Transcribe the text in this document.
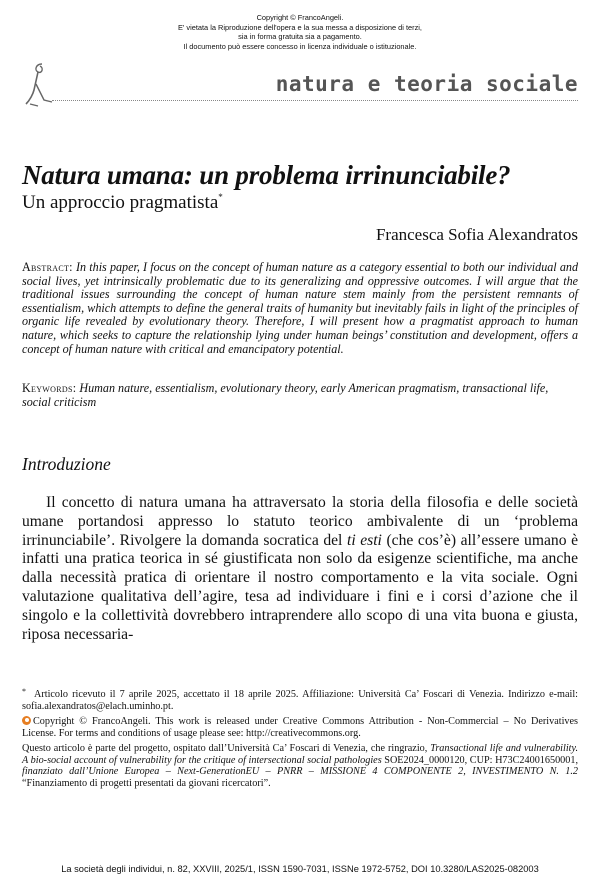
Copyright © FrancoAngeli.
E' vietata la Riproduzione dell'opera e la sua messa a disposizione di terzi,
sia in forma gratuita sia a pagamento.
Il documento può essere concesso in licenza individuale o istituzionale.
natura e teoria sociale
Natura umana: un problema irrinunciabile?
Un approccio pragmatista*
Francesca Sofia Alexandratos
Abstract: In this paper, I focus on the concept of human nature as a category essential to both our individual and social lives, yet intrinsically problematic due to its generalizing and oppressive outcomes. I will argue that the traditional issues surrounding the concept of human nature stem mainly from the persistent remnants of essentialism, which attempts to define the general traits of humanity but inevitably fails in light of the principles of organic life revealed by evolutionary theory. Therefore, I will present how a pragmatist approach to human nature, which seeks to capture the relationship lying under human beings’ constitution and development, offers a concept of human nature with critical and emancipatory potential.
Keywords: Human nature, essentialism, evolutionary theory, early American pragmatism, transactional life, social criticism
Introduzione

Il concetto di natura umana ha attraversato la storia della filosofia e delle società umane portandosi appresso lo statuto teorico ambivalente di un ‘problema irrinunciabile’. Rivolgere la domanda socratica del ti esti (che cos’è) all’essere umano è infatti una pratica teorica in sé giustificata non solo da esigenze scientifiche, ma anche dalla necessità pratica di orientare il nostro comportamento e la vita sociale. Ogni valutazione qualitativa dell’agire, tesa ad individuare i fini e i corsi d’azione che il singolo e la collettività dovrebbero intraprendere allo scopo di una vita buona e giusta, riposa necessaria-

* Articolo ricevuto il 7 aprile 2025, accettato il 18 aprile 2025. Affiliazione: Università Ca’ Foscari di Venezia. Indirizzo e-mail: sofia.alexandratos@elach.uminho.pt.

Copyright © FrancoAngeli. This work is released under Creative Commons Attribution - Non-Commercial – No Derivatives License. For terms and conditions of usage please see: http://creativecommons.org.

Questo articolo è parte del progetto, ospitato dall’Università Ca’ Foscari di Venezia, che ringrazio, Transactional life and vulnerability. A bio-social account of vulnerability for the critique of intersectional social pathologies SOE2024_0000120, CUP: H73C24001650001, finanziato dall’Unione Europea – Next-GenerationEU – PNRR – MISSIONE 4 COMPONENTE 2, INVESTIMENTO N. 1.2 “Finanziamento di progetti presentati da giovani ricercatori”.

La società degli individui, n. 82, XXVIII, 2025/1, ISSN 1590-7031, ISSNe 1972-5752, DOI 10.3280/LAS2025-082003
